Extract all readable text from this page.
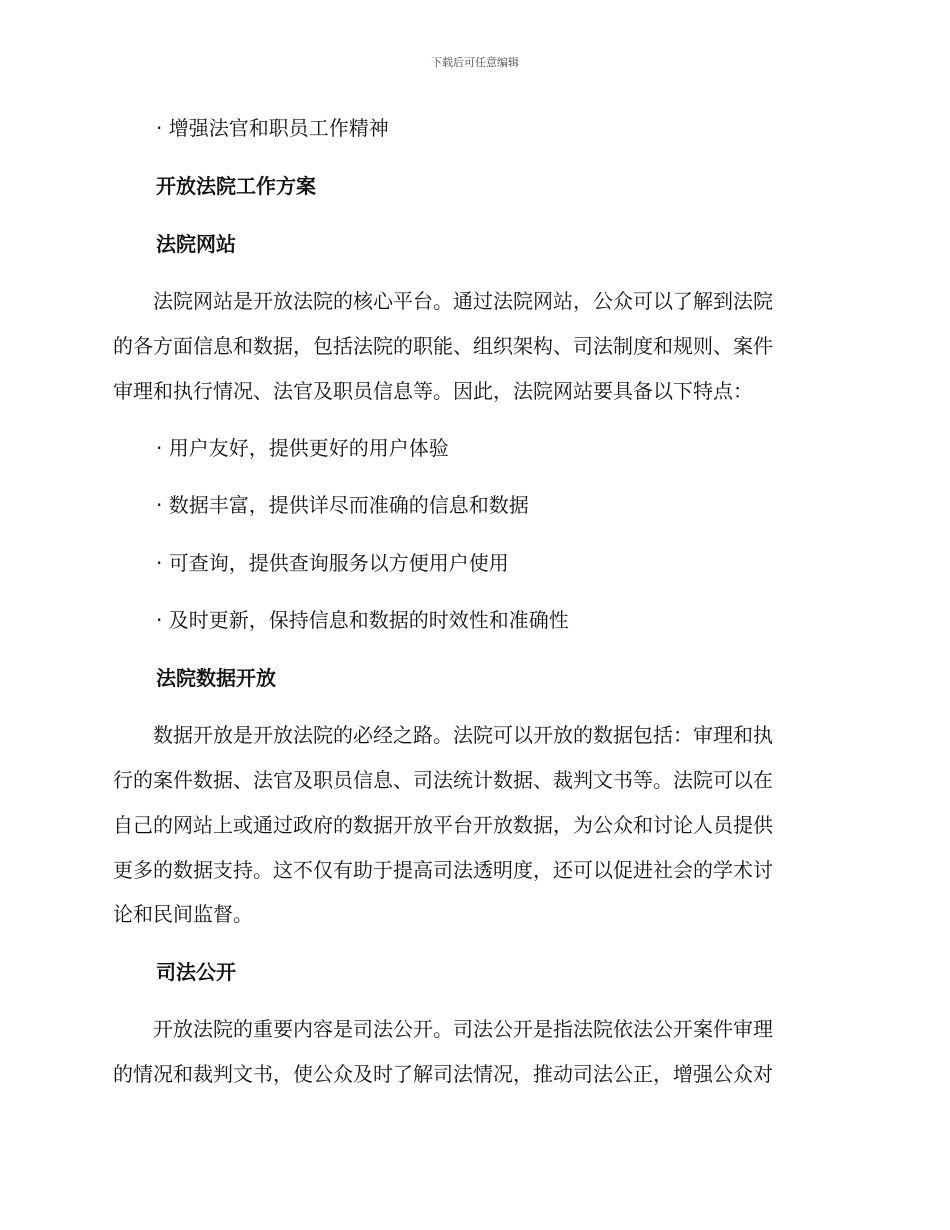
下载后可任意编辑
· 增强法官和职员工作精神
开放法院工作方案
法院网站
　　法院网站是开放法院的核心平台。通过法院网站，公众可以了解到法院
的各方面信息和数据，包括法院的职能、组织架构、司法制度和规则、案件
审理和执行情况、法官及职员信息等。因此，法院网站要具备以下特点：
· 用户友好，提供更好的用户体验
· 数据丰富，提供详尽而准确的信息和数据
· 可查询，提供查询服务以方便用户使用
· 及时更新，保持信息和数据的时效性和准确性
法院数据开放
　　数据开放是开放法院的必经之路。法院可以开放的数据包括：审理和执
行的案件数据、法官及职员信息、司法统计数据、裁判文书等。法院可以在
自己的网站上或通过政府的数据开放平台开放数据，为公众和讨论人员提供
更多的数据支持。这不仅有助于提高司法透明度，还可以促进社会的学术讨
论和民间监督。
司法公开
　　开放法院的重要内容是司法公开。司法公开是指法院依法公开案件审理
的情况和裁判文书，使公众及时了解司法情况，推动司法公正，增强公众对
